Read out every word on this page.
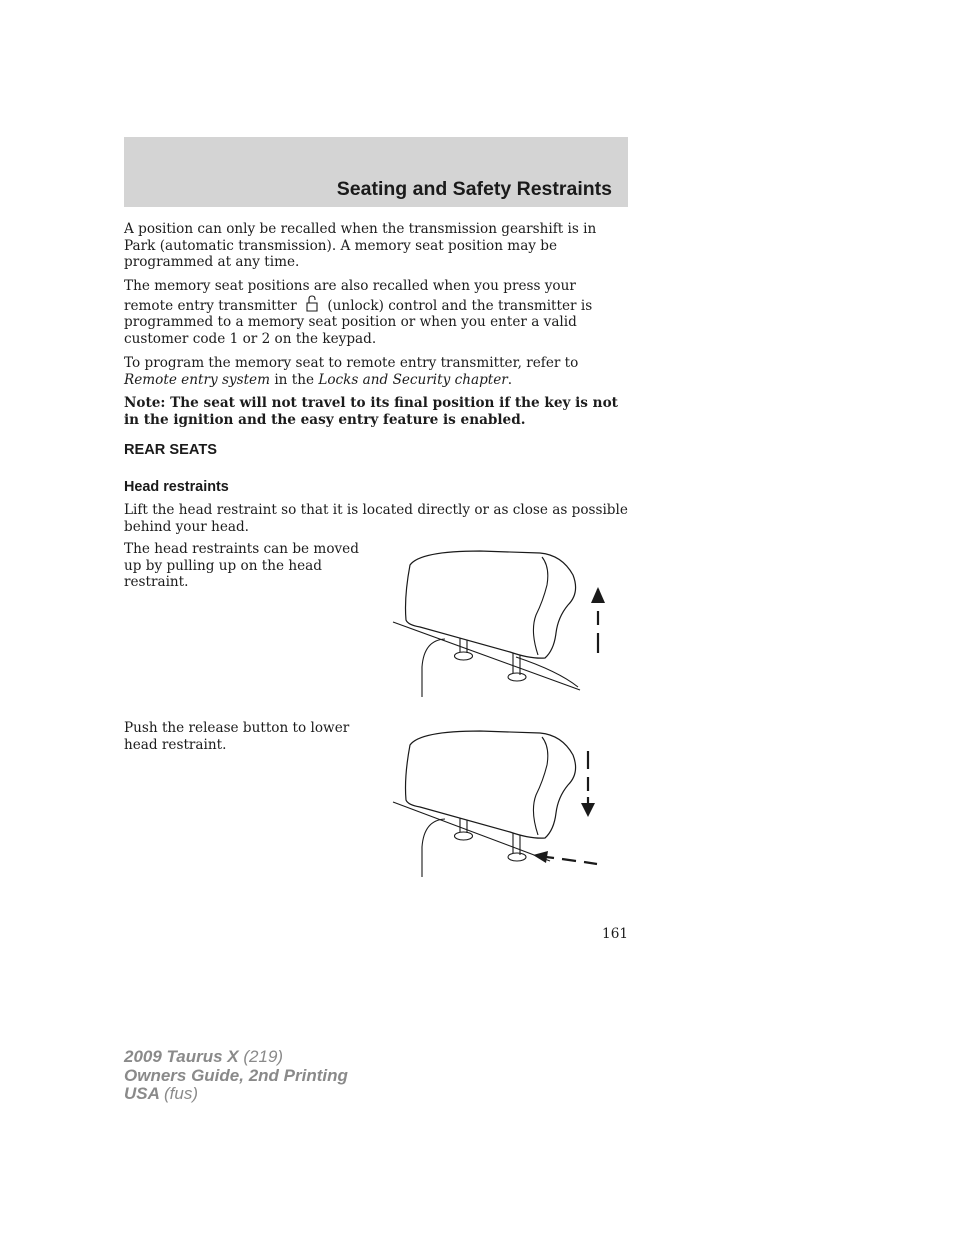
Seating and Safety Restraints

A position can only be recalled when the transmission gearshift is in Park (automatic transmission). A memory seat position may be programmed at any time.

The memory seat positions are also recalled when you press your remote entry transmitter (unlock) control and the transmitter is programmed to a memory seat position or when you enter a valid customer code 1 or 2 on the keypad.

To program the memory seat to remote entry transmitter, refer to Remote entry system in the Locks and Security chapter.

Note: The seat will not travel to its final position if the key is not in the ignition and the easy entry feature is enabled.

REAR SEATS
Head restraints

Lift the head restraint so that it is located directly or as close as possible behind your head.

The head restraints can be moved up by pulling up on the head restraint.
Push the release button to lower head restraint.
161
2009 Taurus X (219)
Owners Guide, 2nd Printing
USA (fus)
